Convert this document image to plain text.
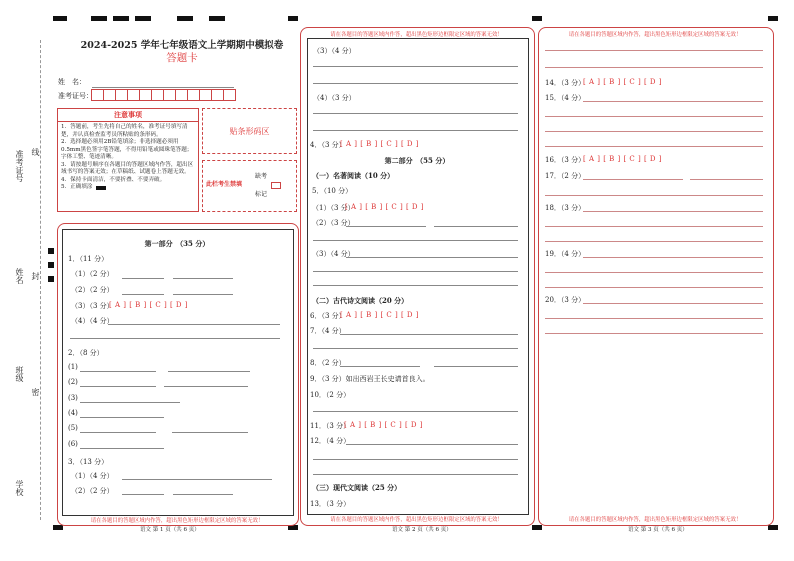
准考证号 线
姓名 封
班级
密
学校
2024-2025 学年七年级语文上学期期中模拟卷
答题卡
姓　名：
准考证号：
注意事项
1．答题前，考生先将自己的姓名，准考证号填写清楚，并认真检查监考员所粘贴的条形码。
2．选择题必须用2B铅笔填涂；非选择题必须用0.5mm黑色签字笔答题，不得用铅笔或圆珠笔答题；字体工整、笔迹清晰。
3．请按题号顺序在各题目的答题区域内作答，超出区域书写的答案无效；在草稿纸、试题卷上答题无效。
4．保持卡面清洁，不要折叠、不要弄破。
5．正确填涂
贴条形码区
此栏考生禁填
缺考
标记
第一部分　（35 分）
1．（11 分）
（1）（2 分）
（2）（2 分）
（3）（3 分）
[ A ] [ B ] [ C ] [ D ]
（4）（4 分）
2．（8 分）
(1)
(2)
(3)
(4)
(5)
(6)
3．（13 分）
（1）（4 分）
（2）（2 分）
请在各题目的答题区域内作答，超出黑色矩形边框限定区域的答案无效！
语文 第 1 页（共 6 页）
请在各题目的答题区域内作答，超出黑色矩形边框限定区域的答案无效！
（3）（4 分）
（4）（3 分）
4．（3 分）
[ A ] [ B ] [ C ] [ D ]
第二部分　（55 分）
（一）名著阅读（10 分）
5．（10 分）
（1）（3 分）
[ A ] [ B ] [ C ] [ D ]
（2）（3 分）
（3）（4 分）
（二）古代诗文阅读（20 分）
6．（3 分）
[ A ] [ B ] [ C ] [ D ]
7．（4 分）
8．（2 分）
9．（3 分）如出西岩王长史请首良入。
10．（2 分）
11．（3 分）
[ A ] [ B ] [ C ] [ D ]
12．（4 分）
（三）现代文阅读（25 分）
13．（3 分）
请在各题目的答题区域内作答，超出黑色矩形边框限定区域的答案无效！
语文 第 2 页（共 6 页）
请在各题目的答题区域内作答，超出黑色矩形边框限定区域的答案无效！
14．（3 分）
[ A ] [ B ] [ C ] [ D ]
15．（4 分）
16．（3 分）
[ A ] [ B ] [ C ] [ D ]
17．（2 分）
18．（3 分）
19．（4 分）
20．（3 分）
请在各题目的答题区域内作答，超出黑色矩形边框限定区域的答案无效！
语文 第 3 页（共 6 页）
